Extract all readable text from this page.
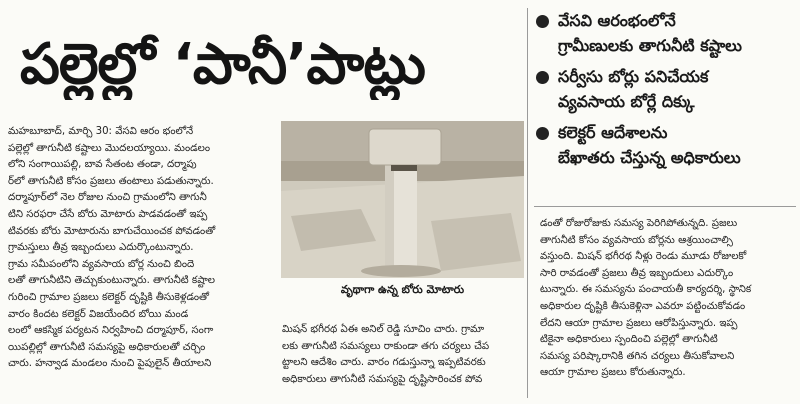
పల్లెల్లో ‘పానీ’పాట్లు
వేసవి ఆరంభంలోనే
గ్రామీణులకు తాగునీటి కష్టాలు
సర్వీసు బోర్లు పనిచేయక
వ్యవసాయ బోర్లే దిక్కు
కలెక్టర్ ఆదేశాలను
బేఖాతరు చేస్తున్న అధికారులు

మహబూబాద్, మార్చి 30: వేసవి ఆరం భంలోనే

పల్లెల్లో తాగునీటి కష్టాలు మొదలయ్యాయి. మండలం

లోని సంగాయిపల్లి, బావ సేతంట తండా, దర్మాపు

ర్‌లో తాగునీటి కోసం ప్రజలు తంటాలు పడుతున్నారు.

దర్మాపూర్‌లో నెల రోజుల నుంచి గ్రామంలోని తాగునీ

టిని సరఫరా చేసే బోరు మోటారు పాడవడంతో ఇప్ప

టివరకు బోరు మోటారును బాగుచేయించక పోవడంతో

గ్రామస్తులు తీవ్ర ఇబ్బందులు ఎదుర్కొంటున్నారు.

గ్రామ సమీపంలోని వ్యవసాయ బోర్ల నుంచి బిందె

లతో తాగునీటిని తెచ్చుకుంటున్నారు. తాగునీటి కష్టాల

గురించి గ్రామాల ప్రజలు కలెక్టర్ దృష్టికి తీసుకెళ్లడంతో

వారం కిందట కలెక్టర్ విజయేందిర బోయి మండ

లంలో ఆకస్మిక పర్యటన నిర్వహించి దర్మాపూర్, సంగా

యిపల్లిల్లో తాగునీటి సమస్యపై అధికారులతో చర్చిం

చారు. హన్వాడ మండలం నుంచి పైపులైన్ తీయాలని

వృథాగా ఉన్న బోరు మోటారు

మిషన్ భగీరథ ఏఈ అనిల్ రెడ్డి సూచిం చారు. గ్రామా

లకు తాగునీటి సమస్యలు రాకుండా తగు చర్యలు చేప

ట్టాలని ఆదేశిం చారు. వారం గడుస్తున్నా ఇప్పటివరకు

అధికారులు తాగునీటి సమస్యపై దృష్టిసారించక పోవ

డంతో రోజురోజుకు సమస్య పెరిగిపోతున్నది. ప్రజలు

తాగునీటి కోసం వ్యవసాయ బోర్లను ఆశ్రయించాల్సి

వస్తుంది. మిషన్ భగీరథ నీళ్లు రెండు మూడు రోజులకో

సారి రావడంతో ప్రజలు తీవ్ర ఇబ్బందులు ఎదుర్కొం

టున్నారు. ఈ సమస్యను పంచాయతీ కార్యదర్శి, స్థానిక

అధికారుల దృష్టికి తీసుకెళ్లినా ఎవరూ పట్టించుకోవడం

లేదని ఆయా గ్రామాల ప్రజలు ఆరోపిస్తున్నారు. ఇప్ప

టికైనా అధికారులు స్పందించి పల్లెల్లో తాగునీటి

సమస్య పరిష్కారానికి తగిన చర్యలు తీసుకోవాలని

ఆయా గ్రామాల ప్రజలు కోరుతున్నారు.
